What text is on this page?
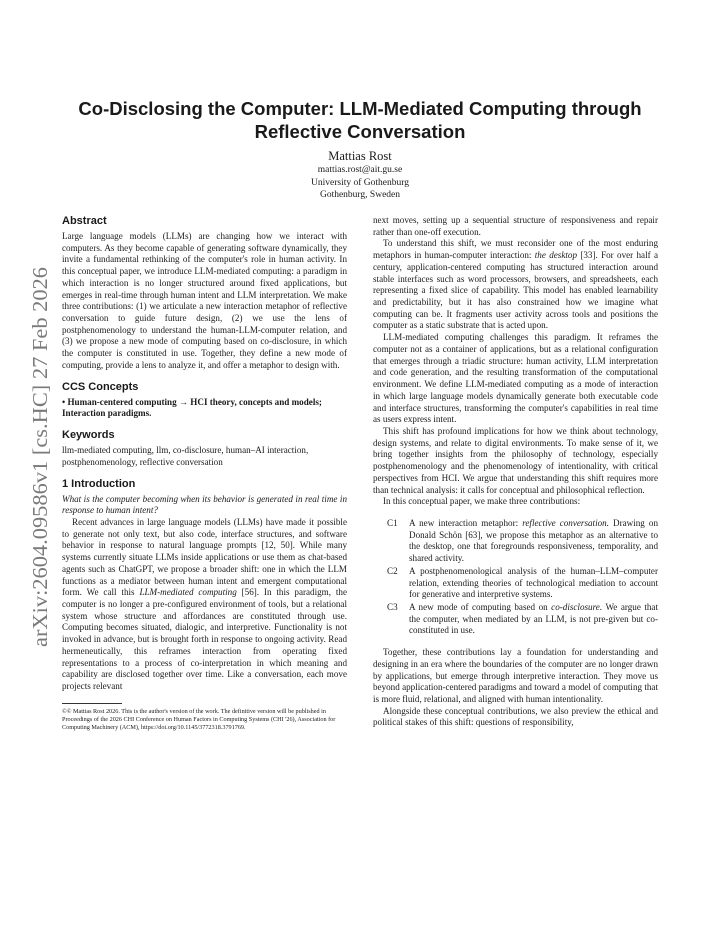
arXiv:2604.09586v1 [cs.HC] 27 Feb 2026
Co-Disclosing the Computer: LLM-Mediated Computing through Reflective Conversation
Mattias Rost
mattias.rost@ait.gu.se
University of Gothenburg
Gothenburg, Sweden
Abstract

Large language models (LLMs) are changing how we interact with computers. As they become capable of generating software dynamically, they invite a fundamental rethinking of the computer's role in human activity. In this conceptual paper, we introduce LLM-mediated computing: a paradigm in which interaction is no longer structured around fixed applications, but emerges in real-time through human intent and LLM interpretation. We make three contributions: (1) we articulate a new interaction metaphor of reflective conversation to guide future design, (2) we use the lens of postphenomenology to understand the human-LLM-computer relation, and (3) we propose a new mode of computing based on co-disclosure, in which the computer is constituted in use. Together, they define a new mode of computing, provide a lens to analyze it, and offer a metaphor to design with.

CCS Concepts

• Human-centered computing → HCI theory, concepts and models; Interaction paradigms.

Keywords

llm-mediated computing, llm, co-disclosure, human–AI interaction, postphenomenology, reflective conversation

1 Introduction

What is the computer becoming when its behavior is generated in real time in response to human intent?

Recent advances in large language models (LLMs) have made it possible to generate not only text, but also code, interface structures, and software behavior in response to natural language prompts [12, 50]. While many systems currently situate LLMs inside applications or use them as chat-based agents such as ChatGPT, we propose a broader shift: one in which the LLM functions as a mediator between human intent and emergent computational form. We call this LLM-mediated computing [56]. In this paradigm, the computer is no longer a pre-configured environment of tools, but a relational system whose structure and affordances are constituted through use. Computing becomes situated, dialogic, and interpretive. Functionality is not invoked in advance, but is brought forth in response to ongoing activity. Read hermeneutically, this reframes interaction from operating fixed representations to a process of co-interpretation in which meaning and capability are disclosed together over time. Like a conversation, each move projects relevant

©© Mattias Rost 2026. This is the author's version of the work. The definitive version will be published in Proceedings of the 2026 CHI Conference on Human Factors in Computing Systems (CHI '26), Association for Computing Machinery (ACM), https://doi.org/10.1145/3772318.3791769.

next moves, setting up a sequential structure of responsiveness and repair rather than one-off execution.

To understand this shift, we must reconsider one of the most enduring metaphors in human-computer interaction: the desktop [33]. For over half a century, application-centered computing has structured interaction around stable interfaces such as word processors, browsers, and spreadsheets, each representing a fixed slice of capability. This model has enabled learnability and predictability, but it has also constrained how we imagine what computing can be. It fragments user activity across tools and positions the computer as a static substrate that is acted upon.

LLM-mediated computing challenges this paradigm. It reframes the computer not as a container of applications, but as a relational configuration that emerges through a triadic structure: human activity, LLM interpretation and code generation, and the resulting transformation of the computational environment. We define LLM-mediated computing as a mode of interaction in which large language models dynamically generate both executable code and interface structures, transforming the computer's capabilities in real time as users express intent.

This shift has profound implications for how we think about technology, design systems, and relate to digital environments. To make sense of it, we bring together insights from the philosophy of technology, especially postphenomenology and the phenomenology of intentionality, with critical perspectives from HCI. We argue that understanding this shift requires more than technical analysis: it calls for conceptual and philosophical reflection.

In this conceptual paper, we make three contributions:

C1	A new interaction metaphor: reflective conversation. Drawing on Donald Schön [63], we propose this metaphor as an alternative to the desktop, one that foregrounds responsiveness, temporality, and shared activity.
C2	A postphenomenological analysis of the human–LLM–computer relation, extending theories of technological mediation to account for generative and interpretive systems.
C3	A new mode of computing based on co-disclosure. We argue that the computer, when mediated by an LLM, is not pre-given but co-constituted in use.

Together, these contributions lay a foundation for understanding and designing in an era where the boundaries of the computer are no longer drawn by applications, but emerge through interpretive interaction. They move us beyond application-centered paradigms and toward a model of computing that is more fluid, relational, and aligned with human intentionality.

Alongside these conceptual contributions, we also preview the ethical and political stakes of this shift: questions of responsibility,
